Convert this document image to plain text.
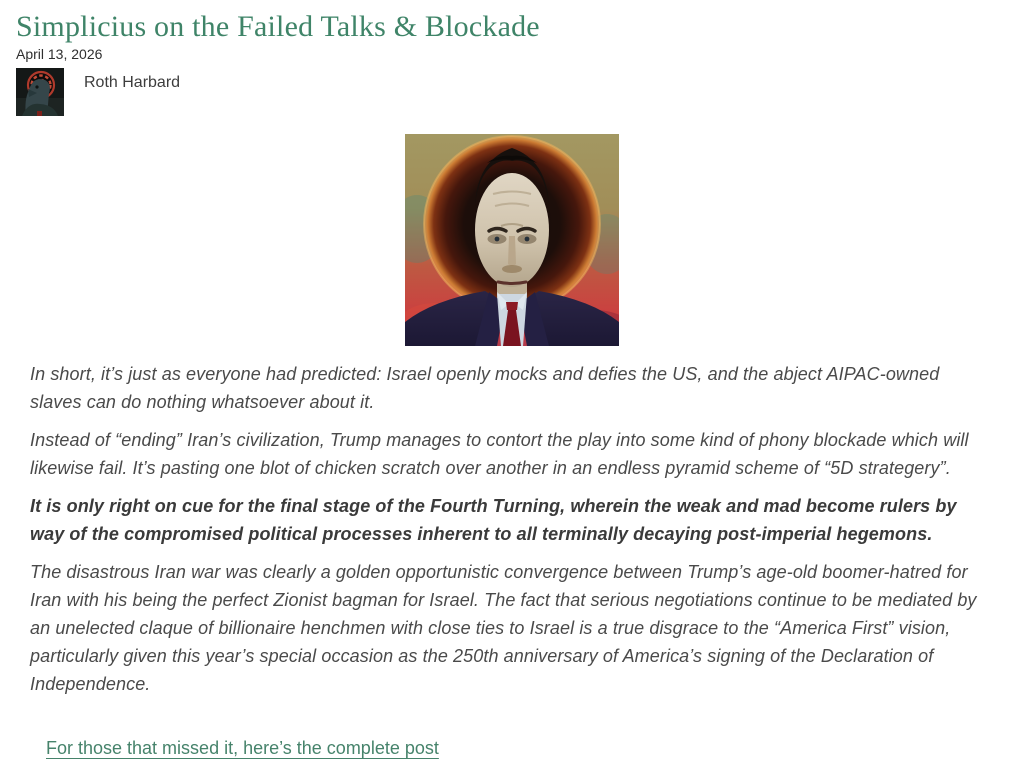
Simplicius on the Failed Talks & Blockade
April 13, 2026
Roth Harbard

In short, it’s just as everyone had predicted: Israel openly mocks and defies the US, and the abject AIPAC-owned slaves can do nothing whatsoever about it.

Instead of “ending” Iran’s civilization, Trump manages to contort the play into some kind of phony blockade which will likewise fail. It’s pasting one blot of chicken scratch over another in an endless pyramid scheme of “5D strategery”.

It is only right on cue for the final stage of the Fourth Turning, wherein the weak and mad become rulers by way of the compromised political processes inherent to all terminally decaying post-imperial hegemons.

The disastrous Iran war was clearly a golden opportunistic convergence between Trump’s age-old boomer-hatred for Iran with his being the perfect Zionist bagman for Israel. The fact that serious negotiations continue to be mediated by an unelected claque of billionaire henchmen with close ties to Israel is a true disgrace to the “America First” vision, particularly given this year’s special occasion as the 250th anniversary of America’s signing of the Declaration of Independence.

For those that missed it, here’s the complete post
